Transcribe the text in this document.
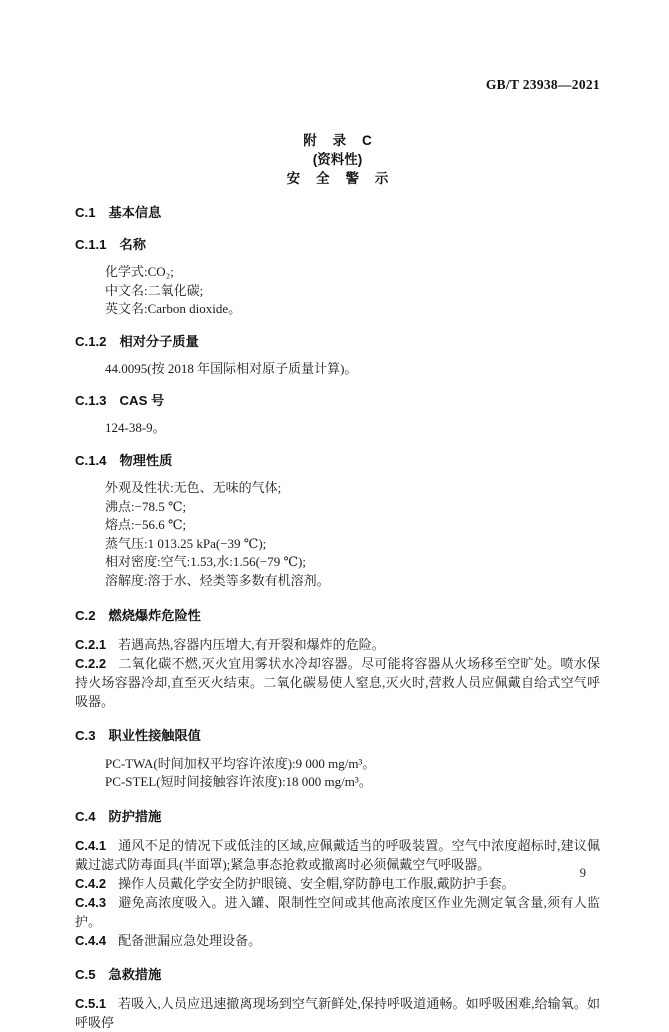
GB/T 23938—2021
附 录 C
(资料性)
安 全 警 示
C.1 基本信息
C.1.1 名称

化学式:CO₂;

中文名:二氧化碳;

英文名:Carbon dioxide。

C.1.2 相对分子质量

44.0095(按 2018 年国际相对原子质量计算)。

C.1.3 CAS 号

124-38-9。

C.1.4 物理性质

外观及性状:无色、无味的气体;

沸点:−78.5 ℃;

熔点:−56.6 ℃;

蒸气压:1 013.25 kPa(−39 ℃);

相对密度:空气:1.53,水:1.56(−79 ℃);

溶解度:溶于水、烃类等多数有机溶剂。

C.2 燃烧爆炸危险性

C.2.1 若遇高热,容器内压增大,有开裂和爆炸的危险。

C.2.2 二氧化碳不燃,灭火宜用雾状水冷却容器。尽可能将容器从火场移至空旷处。喷水保持火场容器冷却,直至灭火结束。二氧化碳易使人窒息,灭火时,营救人员应佩戴自给式空气呼吸器。

C.3 职业性接触限值

PC-TWA(时间加权平均容许浓度):9 000 mg/m³。

PC-STEL(短时间接触容许浓度):18 000 mg/m³。

C.4 防护措施

C.4.1 通风不足的情况下或低洼的区域,应佩戴适当的呼吸装置。空气中浓度超标时,建议佩戴过滤式防毒面具(半面罩);紧急事态抢救或撤离时必须佩戴空气呼吸器。

C.4.2 操作人员戴化学安全防护眼镜、安全帽,穿防静电工作服,戴防护手套。

C.4.3 避免高浓度吸入。进入罐、限制性空间或其他高浓度区作业先测定氧含量,须有人监护。

C.4.4 配备泄漏应急处理设备。

C.5 急救措施

C.5.1 若吸入,人员应迅速撤离现场到空气新鲜处,保持呼吸道通畅。如呼吸困难,给输氧。如呼吸停

9
